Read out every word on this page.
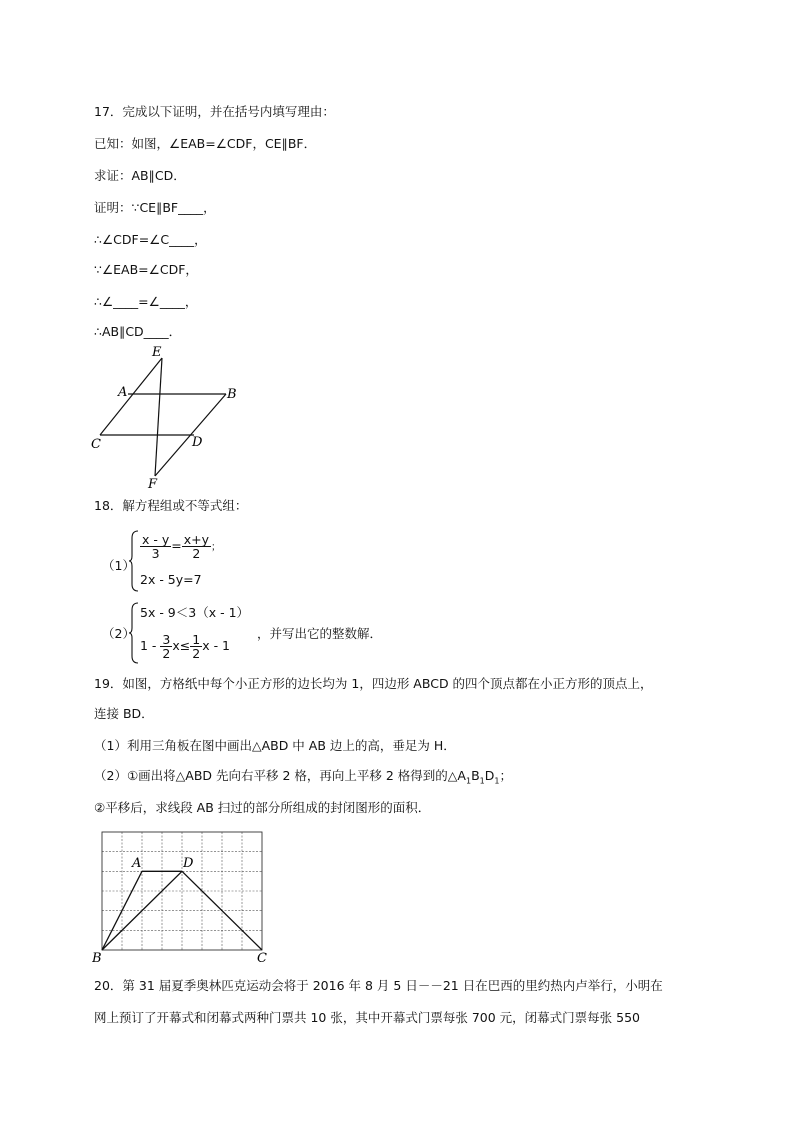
17．完成以下证明，并在括号内填写理由：
已知：如图，∠EAB=∠CDF，CE∥BF．
求证：AB∥CD．
证明：∵CE∥BF____，
∴∠CDF=∠C____，
∵∠EAB=∠CDF，
∴∠____=∠____，
∴AB∥CD____．
E
A	B
C	D
F
18．解方程组或不等式组：
（1）
$\frac{x - y}{3} = \frac{x+y}{2}$ ；
2x - 5y=7
（2）
5x - 9＜3（x - 1）
$1 - \frac{3}{2} x\le \frac{1}{2}$ x - 1
，并写出它的整数解．
19．如图，方格纸中每个小正方形的边长均为 1，四边形 ABCD 的四个顶点都在小正方形的顶点上，
连接 BD．
（1）利用三角板在图中画出△ABD 中 AB 边上的高，垂足为 H．
（2）①画出将△ABD 先向右平移 2 格，再向上平移 2 格得到的$\triangle A_1B_1D_1$；
②平移后，求线段 AB 扫过的部分所组成的封闭图形的面积．
A	D
B	C
20．第 31 届夏季奥林匹克运动会将于 2016 年 8 月 5 日－－21 日在巴西的里约热内卢举行，小明在
网上预订了开幕式和闭幕式两种门票共 10 张，其中开幕式门票每张 700 元，闭幕式门票每张 550
